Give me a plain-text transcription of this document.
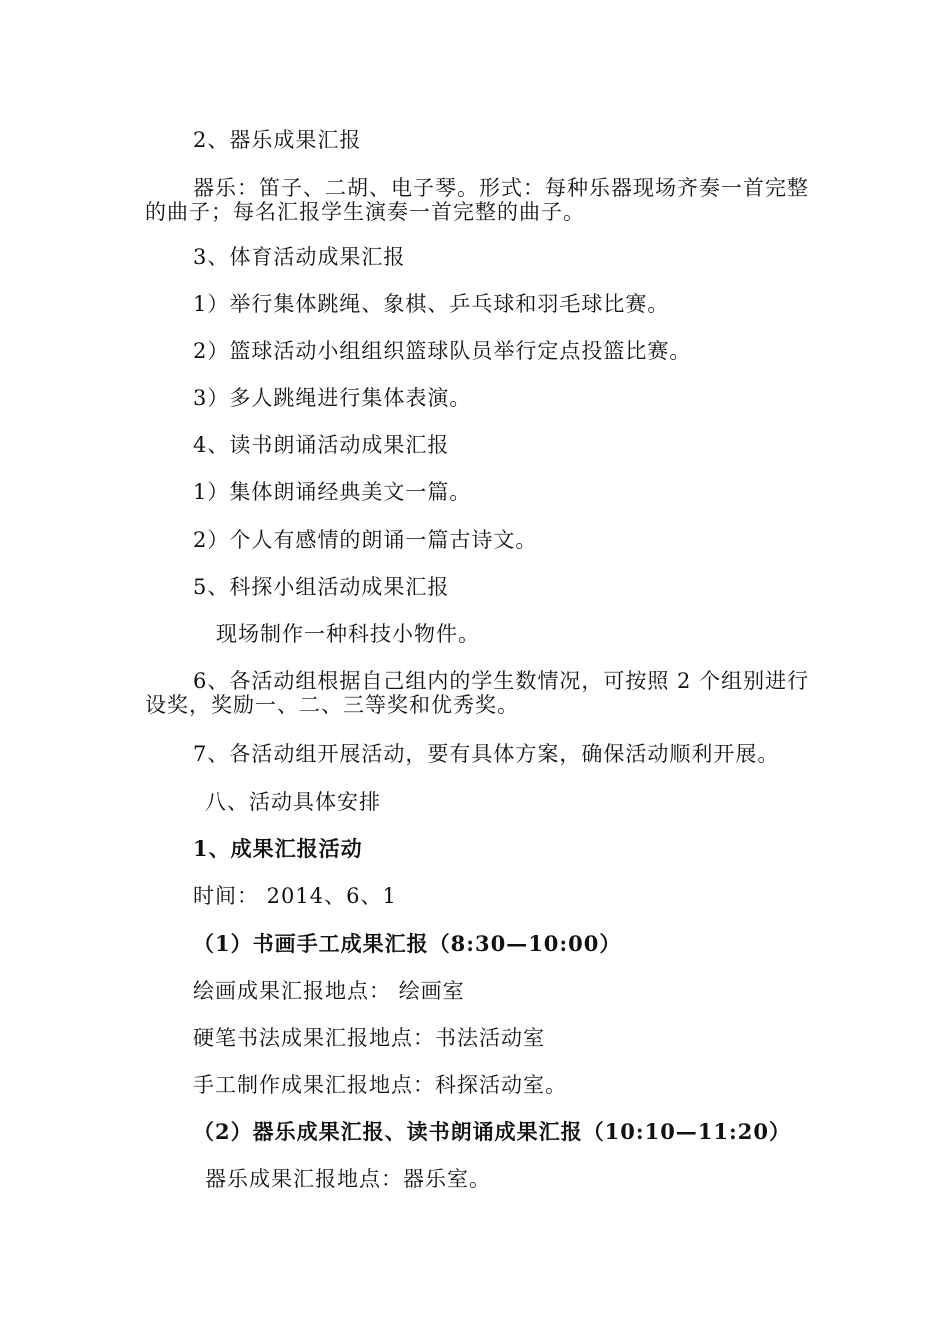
2、器乐成果汇报
器乐：笛子、二胡、电子琴。形式：每种乐器现场齐奏一首完整的曲子；每名汇报学生演奏一首完整的曲子。
3、体育活动成果汇报
1）举行集体跳绳、象棋、乒乓球和羽毛球比赛。
2）篮球活动小组组织篮球队员举行定点投篮比赛。
3）多人跳绳进行集体表演。
4、读书朗诵活动成果汇报
1）集体朗诵经典美文一篇。
2）个人有感情的朗诵一篇古诗文。
5、科探小组活动成果汇报
现场制作一种科技小物件。
6、各活动组根据自己组内的学生数情况，可按照 2 个组别进行设奖，奖励一、二、三等奖和优秀奖。
7、各活动组开展活动，要有具体方案，确保活动顺利开展。
八、活动具体安排
1、成果汇报活动
时间： 2014、6、1
（1）书画手工成果汇报（8:30—10:00）
绘画成果汇报地点： 绘画室
硬笔书法成果汇报地点：书法活动室
手工制作成果汇报地点：科探活动室。
（2）器乐成果汇报、读书朗诵成果汇报（10:10—11:20）
器乐成果汇报地点：器乐室。
